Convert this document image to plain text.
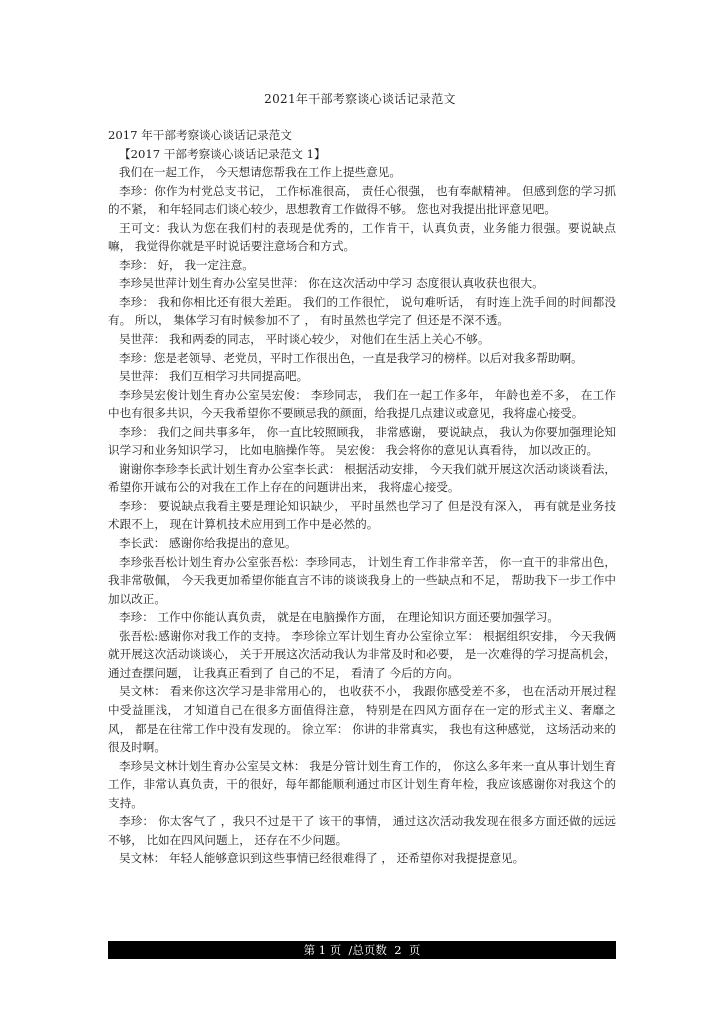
2021年干部考察谈心谈话记录范文

2017 年干部考察谈心谈话记录范文

【2017 干部考察谈心谈话记录范文 1】

我们在一起工作， 今天想请您帮我在工作上提些意见。

李珍：你作为村党总支书记， 工作标准很高， 责任心很强， 也有奉献精神。 但感到您的学习抓的不紧， 和年轻同志们谈心较少，思想教育工作做得不够。 您也对我提出批评意见吧。

王可文：我认为您在我们村的表现是优秀的，工作肯干，认真负责，业务能力很强。要说缺点嘛， 我觉得你就是平时说话要注意场合和方式。

李珍： 好， 我一定注意。

李珍吴世萍计划生育办公室吴世萍： 你在这次活动中学习 态度很认真收获也很大。

李珍： 我和你相比还有很大差距。 我们的工作很忙， 说句难听话， 有时连上洗手间的时间都没有。 所以， 集体学习有时候参加不了 ， 有时虽然也学完了 但还是不深不透。

吴世萍： 我和两委的同志， 平时谈心较少， 对他们在生活上关心不够。

李珍：您是老领导、老党员，平时工作很出色，一直是我学习的榜样。以后对我多帮助啊。

吴世萍： 我们互相学习共同提高吧。

李珍吴宏俊计划生育办公室吴宏俊： 李珍同志， 我们在一起工作多年， 年龄也差不多， 在工作中也有很多共识，今天我希望你不要顾忌我的颜面，给我提几点建议或意见，我将虚心接受。

李珍： 我们之间共事多年， 你一直比较照顾我， 非常感谢， 要说缺点， 我认为你要加强理论知识学习和业务知识学习， 比如电脑操作等。 吴宏俊： 我会将你的意见认真看待， 加以改正的。

谢谢你李珍李长武计划生育办公室李长武： 根据活动安排， 今天我们就开展这次活动谈谈看法， 希望你开诚布公的对我在工作上存在的问题讲出来， 我将虚心接受。

李珍： 要说缺点我看主要是理论知识缺少， 平时虽然也学习了 但是没有深入， 再有就是业务技术跟不上， 现在计算机技术应用到工作中是必然的。

李长武： 感谢你给我提出的意见。

李珍张吾松计划生育办公室张吾松：李珍同志， 计划生育工作非常辛苦， 你一直干的非常出色，我非常敬佩， 今天我更加希望你能直言不讳的谈谈我身上的一些缺点和不足， 帮助我下一步工作中加以改正。

李珍： 工作中你能认真负责， 就是在电脑操作方面， 在理论知识方面还要加强学习。

张吾松:感谢你对我工作的支持。 李珍徐立军计划生育办公室徐立军： 根据组织安排， 今天我俩就开展这次活动谈谈心， 关于开展这次活动我认为非常及时和必要， 是一次难得的学习提高机会， 通过查摆问题， 让我真正看到了 自己的不足， 看清了 今后的方向。

吴文林： 看来你这次学习是非常用心的， 也收获不小， 我跟你感受差不多， 也在活动开展过程中受益匪浅， 才知道自己在很多方面值得注意， 特别是在四风方面存在一定的形式主义、奢靡之风， 都是在往常工作中没有发现的。 徐立军： 你讲的非常真实， 我也有这种感觉， 这场活动来的很及时啊。

李珍吴文林计划生育办公室吴文林： 我是分管计划生育工作的， 你这么多年来一直从事计划生育工作，非常认真负责，干的很好，每年都能顺利通过市区计划生育年检，我应该感谢你对我这个的支持。

李珍： 你太客气了 ，我只不过是干了 该干的事情， 通过这次活动我发现在很多方面还做的远远不够， 比如在四风问题上， 还存在不少问题。

吴文林： 年轻人能够意识到这些事情已经很难得了 ， 还希望你对我提提意见。

第 1 页  /总页数  2  页
